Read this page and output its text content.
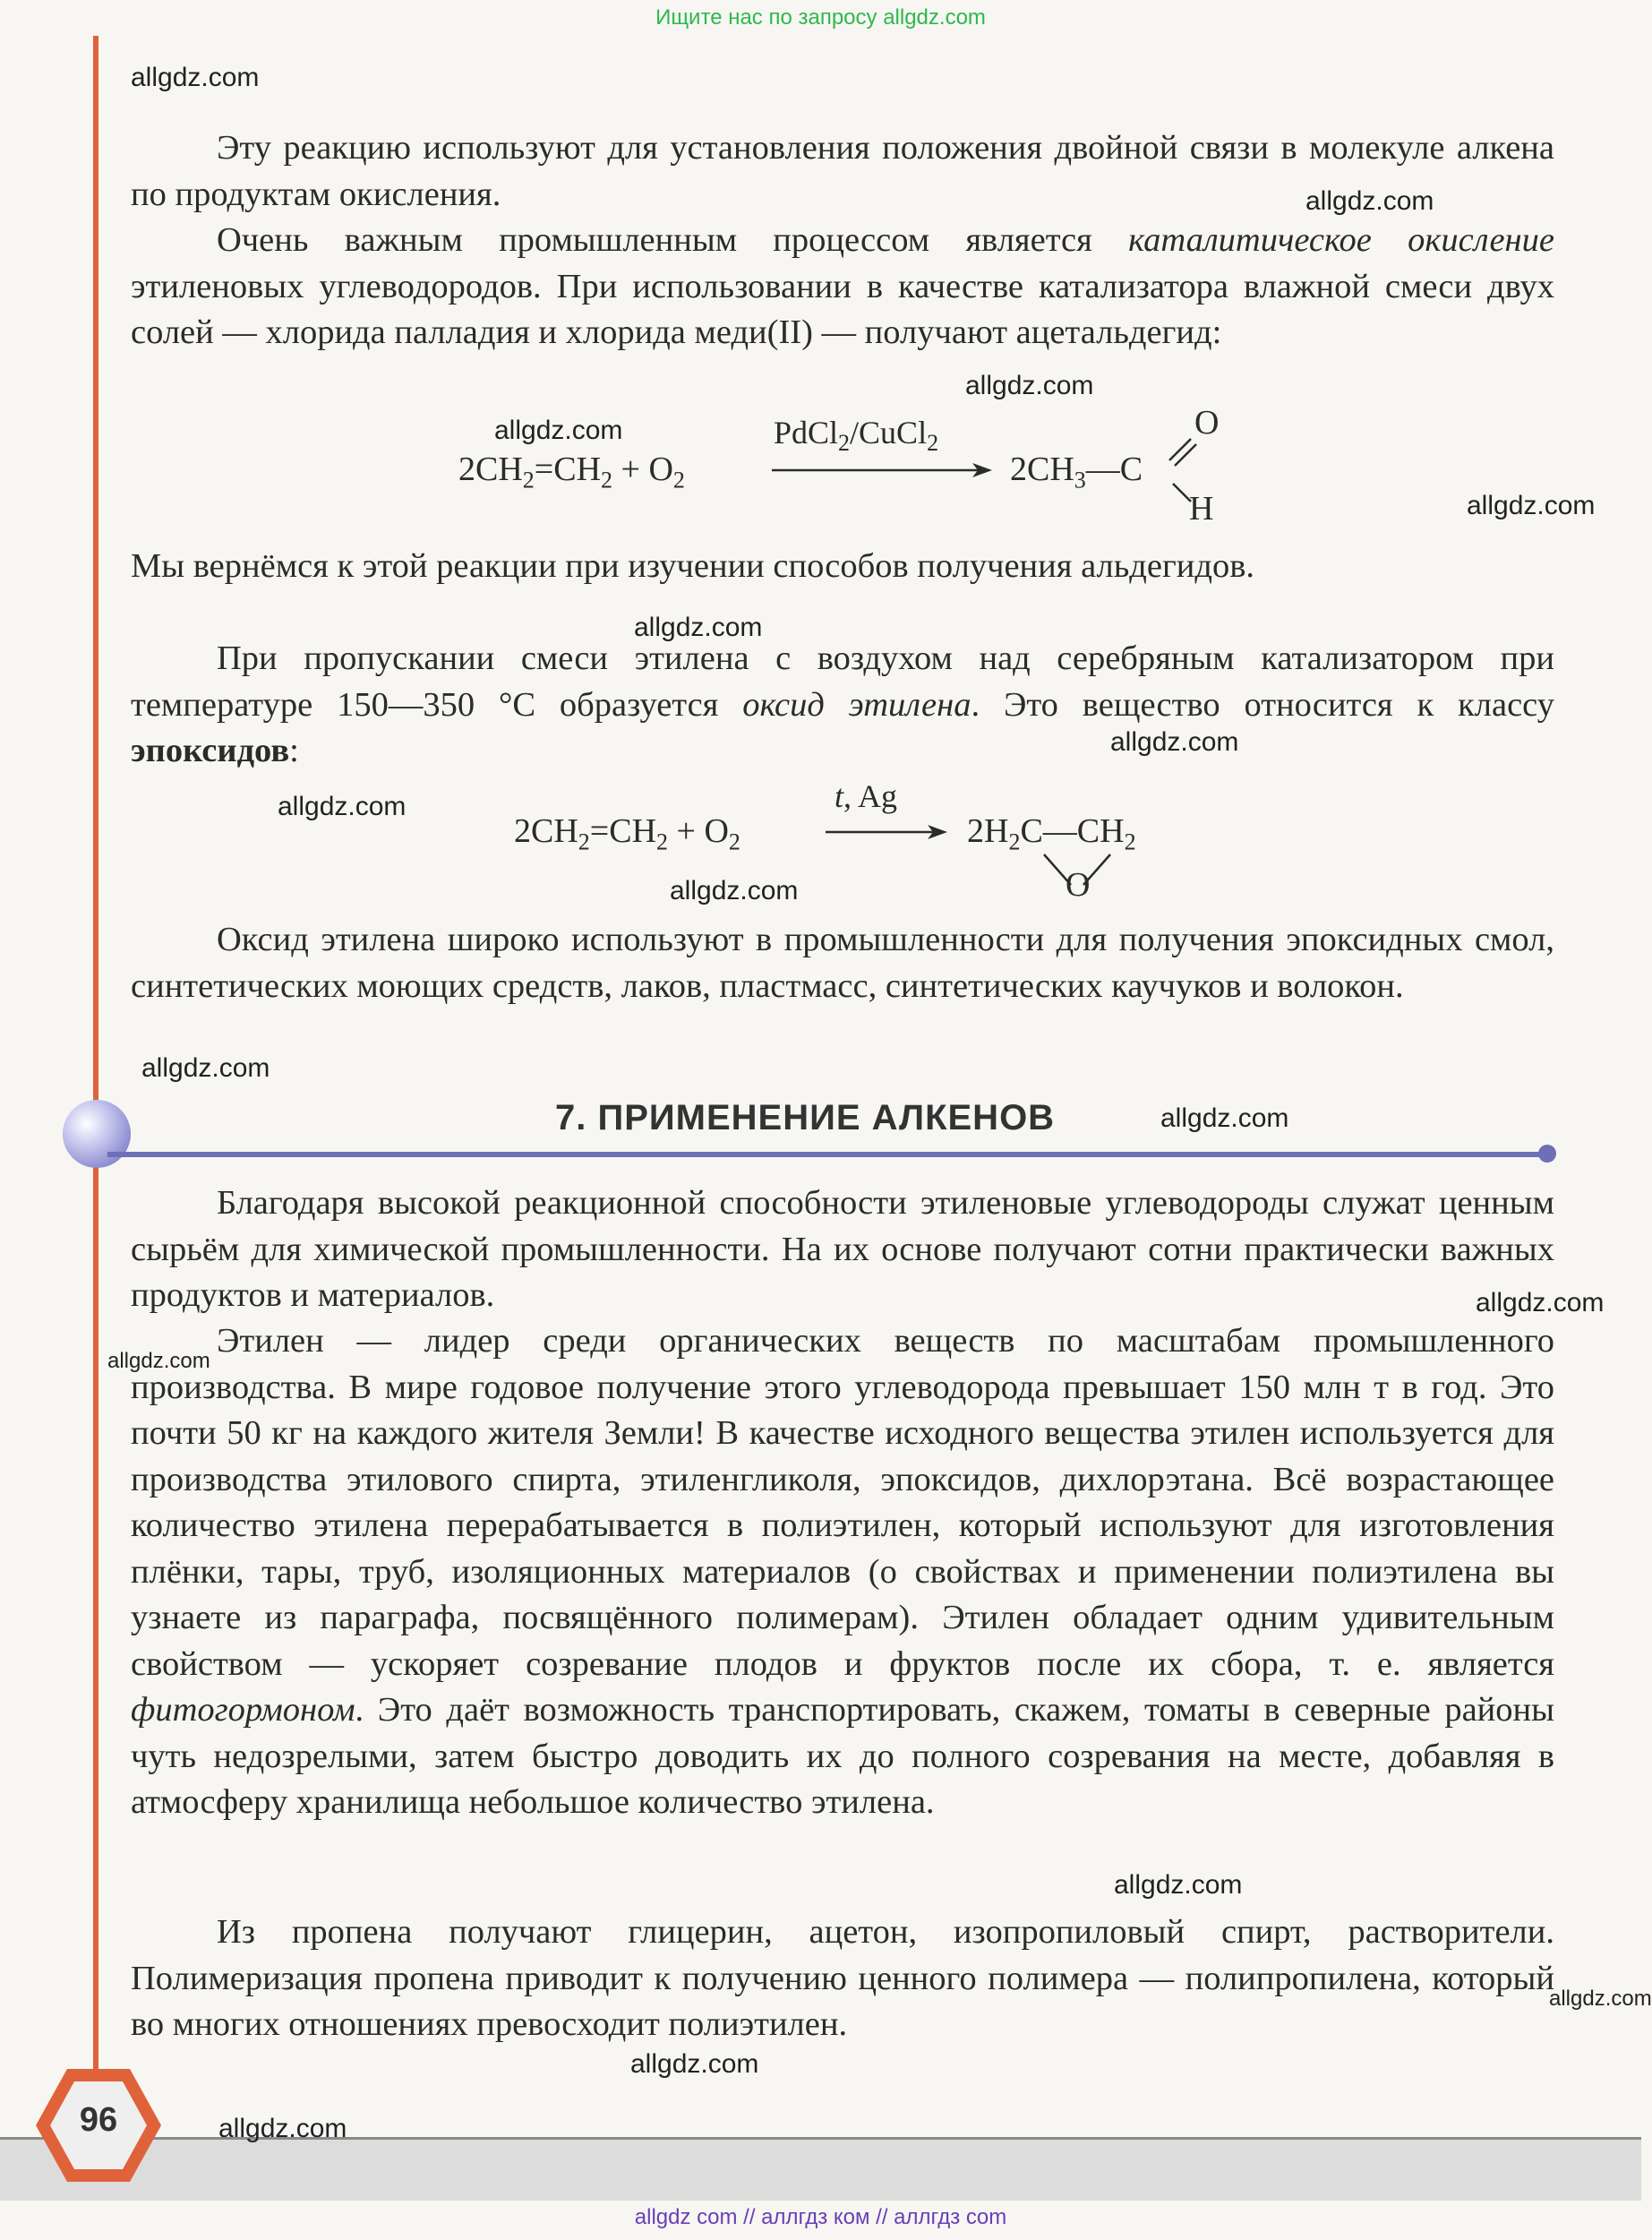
Ищите нас по запросу allgdz.com
allgdz com // аллгдз ком // аллгдз com
96

Эту реакцию используют для установления положения двойной связи в молекуле алкена по продуктам окисления.

Очень важным промышленным процессом является каталитическое окисление этиленовых углеводородов. При использовании в качестве катализатора влажной смеси двух солей — хлорида палладия и хлорида меди(II) — получают ацетальдегид:

$2CH_2=CH_2 + O_2$
PdCl$_2$/CuCl$_2$
$2CH_3—C$
O
H

Мы вернёмся к этой реакции при изучении способов получения альдегидов.

При пропускании смеси этилена с воздухом над серебряным катализатором при температуре 150—350 °С образуется оксид этилена. Это вещество относится к классу эпоксидов:

$2CH_2=CH_2 + O_2$
t, Ag
$2H_2C—CH_2$
O

Оксид этилена широко используют в промышленности для получения эпоксидных смол, синтетических моющих средств, лаков, пластмасс, синтетических каучуков и волокон.

7. ПРИМЕНЕНИЕ АЛКЕНОВ

Благодаря высокой реакционной способности этиленовые углеводороды служат ценным сырьём для химической промышленности. На их основе получают сотни практически важных продуктов и материалов.

Этилен — лидер среди органических веществ по масштабам промышленного производства. В мире годовое получение этого углеводорода превышает 150 млн т в год. Это почти 50 кг на каждого жителя Земли! В качестве исходного вещества этилен используется для производства этилового спирта, этиленгликоля, эпоксидов, дихлорэтана. Всё возрастающее количество этилена перерабатывается в полиэтилен, который используют для изготовления плёнки, тары, труб, изоляционных материалов (о свойствах и применении полиэтилена вы узнаете из параграфа, посвящённого полимерам). Этилен обладает одним удивительным свойством — ускоряет созревание плодов и фруктов после их сбора, т. е. является фитогормоном. Это даёт возможность транспортировать, скажем, томаты в северные районы чуть недозрелыми, затем быстро доводить их до полного созревания на месте, добавляя в атмосферу хранилища небольшое количество этилена.

Из пропена получают глицерин, ацетон, изопропиловый спирт, растворители. Полимеризация пропена приводит к получению ценного полимера — полипропилена, который во многих отношениях превосходит полиэтилен.

allgdz.com
allgdz.com
allgdz.com
allgdz.com
allgdz.com
allgdz.com
allgdz.com
allgdz.com
allgdz.com
allgdz.com
allgdz.com
allgdz.com
allgdz.com
allgdz.com
allgdz.com
allgdz.com
allgdz.com
